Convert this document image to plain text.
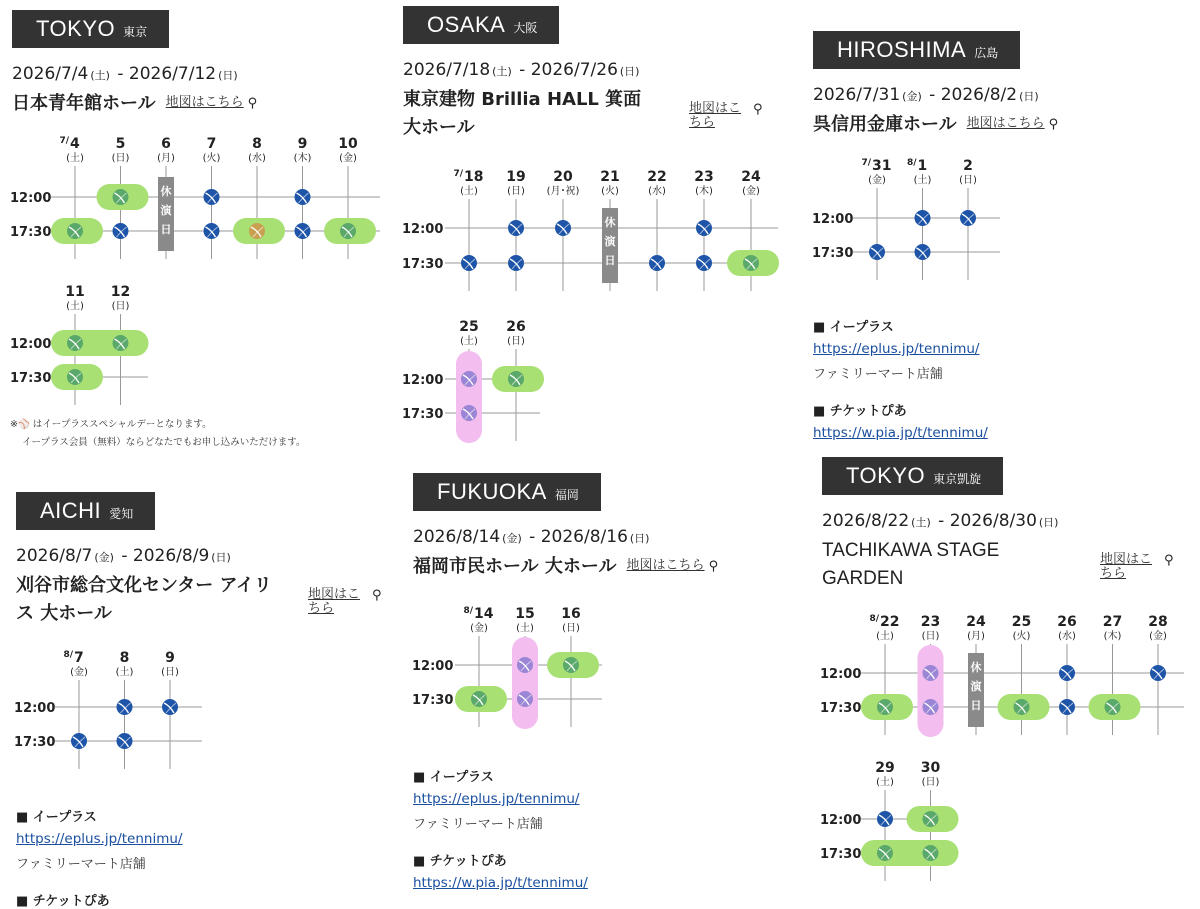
TOKYO 東京
2026/7/4 (土) - 2026/7/12 (日)
日本青年館ホール 地図はこちら ⚲
12:00
17:30
休
演
日
7/ 4
(土)
5
(日)
6
(月)
7
(火)
8
(水)
9
(木)
10
(金)
12:00
17:30
11
(土)
12
(日)
※⚾ はイープラススペシャルデーとなります。
イープラス会員（無料）ならどなたでもお申し込みいただけます。
OSAKA 大阪
2026/7/18 (土) - 2026/7/26 (日)
東京建物 Brillia HALL 箕面
大ホール
地図はこ
ちら
⚲
12:00
17:30
休
演
日
7/ 18
(土)
19
(日)
20
(月･祝)
21
(火)
22
(水)
23
(木)
24
(金)
12:00
17:30
25
(土)
26
(日)
HIROSHIMA 広島
2026/7/31 (金) - 2026/8/2 (日)
呉信用金庫ホール 地図はこちら ⚲
12:00
17:30
7/ 31
(金)
8/ 1
(土)
2
(日)
■ イープラス
https://eplus.jp/tennimu/
ファミリーマート店舗
■ チケットぴあ
https://w.pia.jp/t/tennimu/
AICHI 愛知
2026/8/7 (金) - 2026/8/9 (日)
刈谷市総合文化センター アイリ
ス 大ホール
地図はこ
ちら
⚲
12:00
17:30
8/ 7
(金)
8
(土)
9
(日)
■ イープラス
https://eplus.jp/tennimu/
ファミリーマート店舗
■ チケットぴあ
FUKUOKA 福岡
2026/8/14 (金) - 2026/8/16 (日)
福岡市民ホール 大ホール 地図はこちら ⚲
12:00
17:30
8/ 14
(金)
15
(土)
16
(日)
■ イープラス
https://eplus.jp/tennimu/
ファミリーマート店舗
■ チケットぴあ
https://w.pia.jp/t/tennimu/
TOKYO 東京凱旋
2026/8/22 (土) - 2026/8/30 (日)
TACHIKAWA STAGE
GARDEN
地図はこ
ちら
⚲
12:00
17:30
休
演
日
8/ 22
(土)
23
(日)
24
(月)
25
(火)
26
(水)
27
(木)
28
(金)
12:00
17:30
29
(土)
30
(日)
